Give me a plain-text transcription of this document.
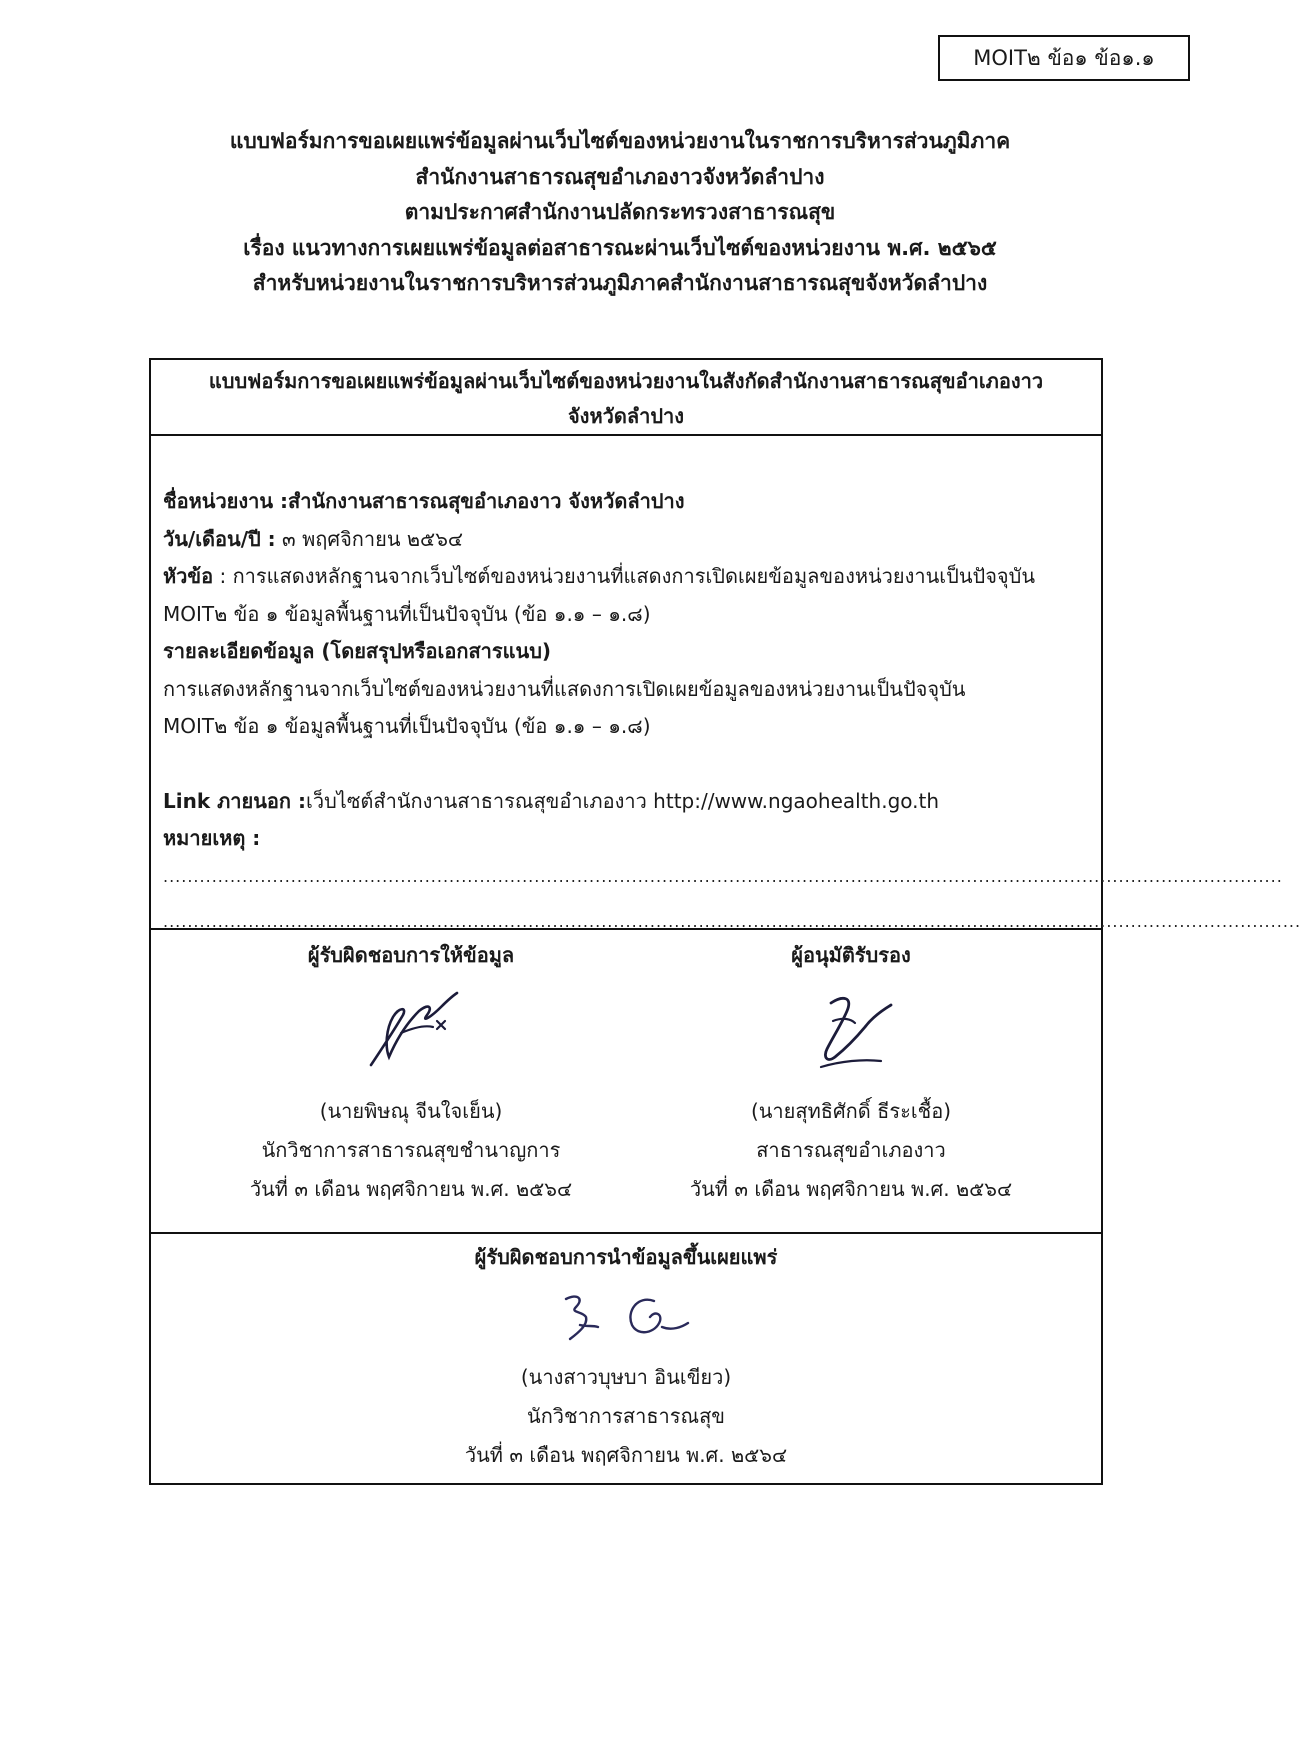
MOIT๒ ข้อ๑ ข้อ๑.๑
แบบฟอร์มการขอเผยแพร่ข้อมูลผ่านเว็บไซต์ของหน่วยงานในราชการบริหารส่วนภูมิภาค
สำนักงานสาธารณสุขอำเภองาวจังหวัดลำปาง
ตามประกาศสำนักงานปลัดกระทรวงสาธารณสุข
เรื่อง แนวทางการเผยแพร่ข้อมูลต่อสาธารณะผ่านเว็บไซต์ของหน่วยงาน พ.ศ. ๒๕๖๕
สำหรับหน่วยงานในราชการบริหารส่วนภูมิภาคสำนักงานสาธารณสุขจังหวัดลำปาง
แบบฟอร์มการขอเผยแพร่ข้อมูลผ่านเว็บไซต์ของหน่วยงานในสังกัดสำนักงานสาธารณสุขอำเภองาว
จังหวัดลำปาง
ชื่อหน่วยงาน :สำนักงานสาธารณสุขอำเภองาว จังหวัดลำปาง
วัน/เดือน/ปี : ๓ พฤศจิกายน ๒๕๖๔
หัวข้อ : การแสดงหลักฐานจากเว็บไซต์ของหน่วยงานที่แสดงการเปิดเผยข้อมูลของหน่วยงานเป็นปัจจุบัน
MOIT๒ ข้อ ๑ ข้อมูลพื้นฐานที่เป็นปัจจุบัน (ข้อ ๑.๑ – ๑.๘)
รายละเอียดข้อมูล (โดยสรุปหรือเอกสารแนบ)
การแสดงหลักฐานจากเว็บไซต์ของหน่วยงานที่แสดงการเปิดเผยข้อมูลของหน่วยงานเป็นปัจจุบัน
MOIT๒ ข้อ ๑ ข้อมูลพื้นฐานที่เป็นปัจจุบัน (ข้อ ๑.๑ – ๑.๘)
Link ภายนอก :เว็บไซต์สำนักงานสาธารณสุขอำเภองาว http://www.ngaohealth.go.th
หมายเหตุ :
........................................................................................................................................................................................
...........................................................................................................................................................................................
ผู้รับผิดชอบการให้ข้อมูล
(นายพิษณุ จีนใจเย็น)
นักวิชาการสาธารณสุขชำนาญการ
วันที่ ๓ เดือน พฤศจิกายน พ.ศ. ๒๕๖๔
ผู้อนุมัติรับรอง
(นายสุทธิศักดิ์ ธีระเชื้อ)
สาธารณสุขอำเภองาว
วันที่ ๓ เดือน พฤศจิกายน พ.ศ. ๒๕๖๔
ผู้รับผิดชอบการนำข้อมูลขึ้นเผยแพร่
(นางสาวบุษบา อินเขียว)
นักวิชาการสาธารณสุข
วันที่ ๓ เดือน พฤศจิกายน พ.ศ. ๒๕๖๔
